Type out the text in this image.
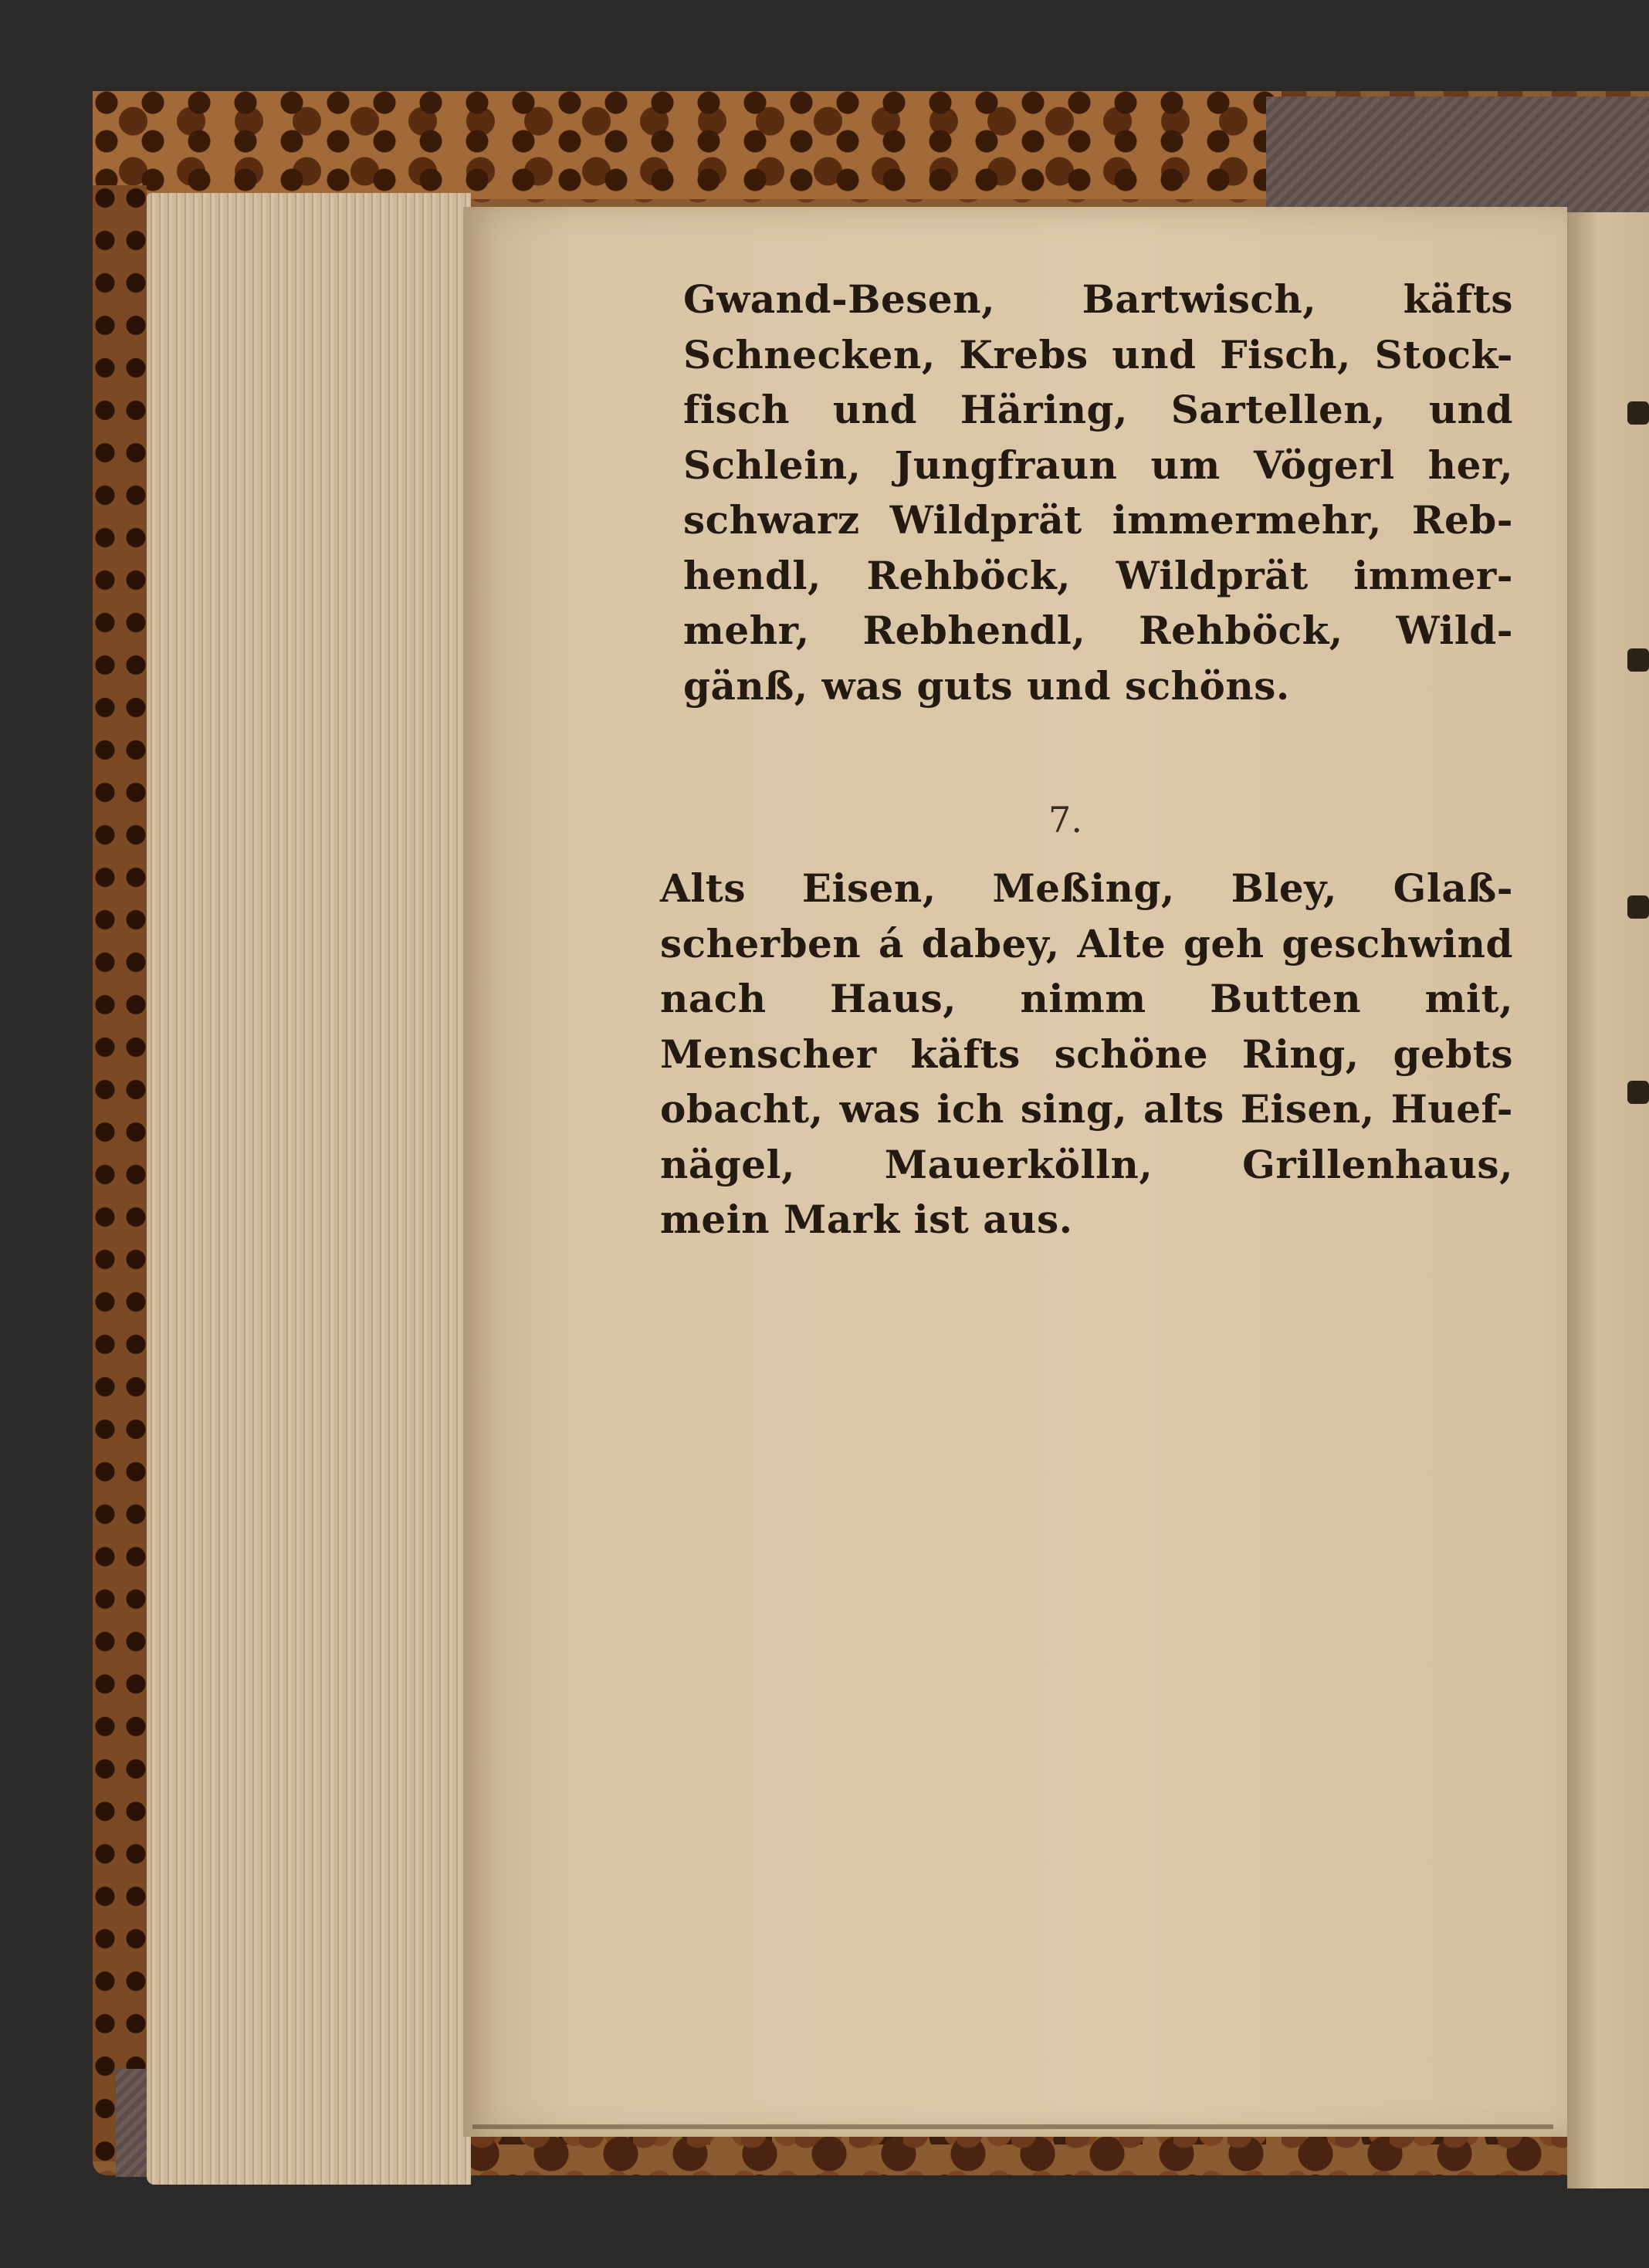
Gwand-Besen, Bartwisch, käfts
Schnecken, Krebs und Fisch, Stock-
fisch und Häring, Sartellen, und
Schlein, Jungfraun um Vögerl her,
schwarz Wildprät immermehr, Reb-
hendl, Rehböck, Wildprät immer-
mehr, Rebhendl, Rehböck, Wild-
gänß, was guts und schöns.

7.

Alts Eisen, Meßing, Bley, Glaß-
scherben á dabey, Alte geh geschwind
nach Haus, nimm Butten mit,
Menscher käfts schöne Ring, gebts
obacht, was ich sing, alts Eisen, Huef-
nägel, Mauerkölln, Grillenhaus,
mein Mark ist aus.
